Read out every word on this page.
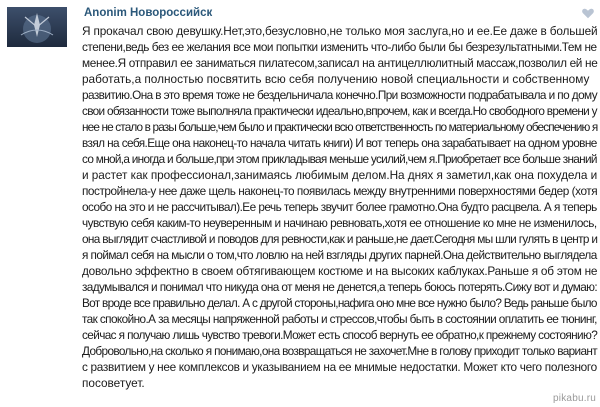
Anonim Новороссийск
Я прокачал свою девушку.Нет,это,безусловно,не только моя заслуга,но и ее.Ее даже в большей
степени,ведь без ее желания все мои попытки изменить что-либо были бы безрезультатными.Тем не
менее.Я отправил ее заниматься пилатесом,записал на антицеллюлитный массаж,позволил ей не
работать,а полностью посвятить всю себя получению новой специальности и собственному
развитию.Она в это время тоже не бездельничала конечно.При возможности подрабатывала и по дому
свои обязанности тоже выполняла практически идеально,впрочем, как и всегда.Но свободного времени у
нее не стало в разы больше,чем было и практически всю ответственность по материальному обеспечению я
взял на себя.Еще она наконец-то начала читать книги) И вот теперь она зарабатывает на одном уровне
со мной,а иногда и больше,при этом прикладывая меньше усилий,чем я.Приобретает все больше знаний
и растет как профессионал,занимаясь любимым делом.На днях я заметил,как она похудела и
постройнела-у нее даже щель наконец-то появилась между внутренними поверхностями бедер (хотя
особо на это и не рассчитывал).Ее речь теперь звучит более грамотно.Она будто расцвела. А я теперь
чувствую себя каким-то неуверенным и начинаю ревновать,хотя ее отношение ко мне не изменилось,
она выглядит счастливой и поводов для ревности,как и раньше,не дает.Сегодня мы шли гулять в центр и
я поймал себя на мысли о том,что ловлю на ней взгляды других парней.Она действительно выглядела
довольно эффектно в своем обтягивающем костюме и на высоких каблуках.Раньше я об этом не
задумывался и понимал что никуда она от меня не денется,а теперь боюсь потерять.Сижу вот и думаю:
Вот вроде все правильно делал. А с другой стороны,нафига оно мне все нужно было? Ведь раньше было
так спокойно.А за месяцы напряженной работы и стрессов,чтобы быть в состоянии оплатить ее тюнинг,
сейчас я получаю лишь чувство тревоги.Может есть способ вернуть ее обратно,к прежнему состоянию?
Добровольно,на сколько я понимаю,она возвращаться не захочет.Мне в голову приходит только вариант
с развитием у нее комплексов и указыванием на ее мнимые недостатки. Может кто чего полезного
посоветует.
pikabu.ru
